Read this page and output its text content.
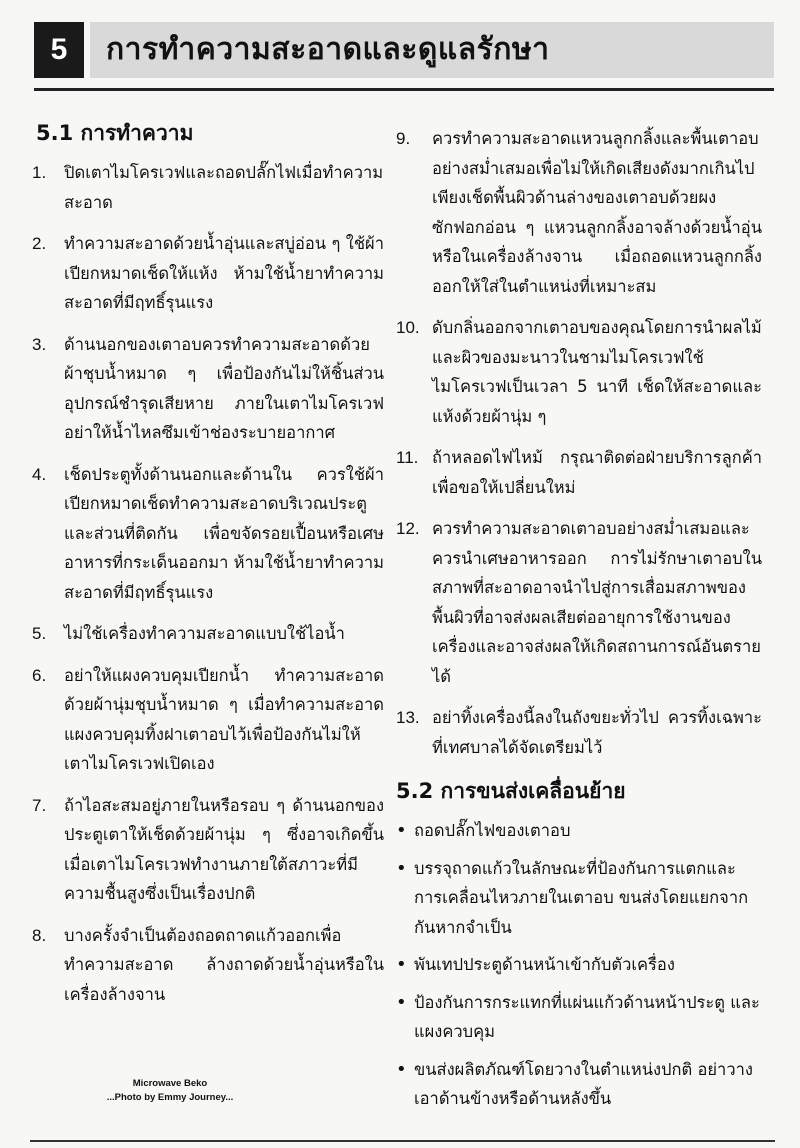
5	การทำความสะอาดและดูแลรักษา
5.1 การทำความ
1. ปิดเตาไมโครเวฟและถอดปลั๊กไฟเมื่อทำความสะอาด
2. ทำความสะอาดด้วยน้ำอุ่นและสบู่อ่อน ๆ ใช้ผ้าเปียกหมาดเช็ดให้แห้ง ห้ามใช้น้ำยาทำความสะอาดที่มีฤทธิ์รุนแรง
3. ด้านนอกของเตาอบควรทำความสะอาดด้วยผ้าชุบน้ำหมาด ๆ เพื่อป้องกันไม่ให้ชิ้นส่วนอุปกรณ์ชำรุดเสียหาย ภายในเตาไมโครเวฟอย่าให้น้ำไหลซึมเข้าช่องระบายอากาศ
4. เช็ดประตูทั้งด้านนอกและด้านใน ควรใช้ผ้าเปียกหมาดเช็ดทำความสะอาดบริเวณประตูและส่วนที่ติดกัน เพื่อขจัดรอยเปื้อนหรือเศษอาหารที่กระเด็นออกมา ห้ามใช้น้ำยาทำความสะอาดที่มีฤทธิ์รุนแรง
5. ไม่ใช้เครื่องทำความสะอาดแบบใช้ไอน้ำ
6. อย่าให้แผงควบคุมเปียกน้ำ ทำความสะอาดด้วยผ้านุ่มชุบน้ำหมาด ๆ เมื่อทำความสะอาดแผงควบคุมทิ้งฝาเตาอบไว้เพื่อป้องกันไม่ให้เตาไมโครเวฟเปิดเอง
7. ถ้าไอสะสมอยู่ภายในหรือรอบ ๆ ด้านนอกของประตูเตาให้เช็ดด้วยผ้านุ่ม ๆ ซึ่งอาจเกิดขึ้นเมื่อเตาไมโครเวฟทำงานภายใต้สภาวะที่มีความชื้นสูงซึ่งเป็นเรื่องปกติ
8. บางครั้งจำเป็นต้องถอดถาดแก้วออกเพื่อทำความสะอาด ล้างถาดด้วยน้ำอุ่นหรือในเครื่องล้างจาน
9. ควรทำความสะอาดแหวนลูกกลิ้งและพื้นเตาอบอย่างสม่ำเสมอเพื่อไม่ให้เกิดเสียงดังมากเกินไป เพียงเช็ดพื้นผิวด้านล่างของเตาอบด้วยผงซักฟอกอ่อน ๆ แหวนลูกกลิ้งอาจล้างด้วยน้ำอุ่นหรือในเครื่องล้างจาน เมื่อถอดแหวนลูกกลิ้งออกให้ใส่ในตำแหน่งที่เหมาะสม
10. ดับกลิ่นออกจากเตาอบของคุณโดยการนำผลไม้ และผิวของมะนาวในชามไมโครเวฟใช้ไมโครเวฟเป็นเวลา 5 นาที เช็ดให้สะอาดและแห้งด้วยผ้านุ่ม ๆ
11. ถ้าหลอดไฟไหม้ กรุณาติดต่อฝ่ายบริการลูกค้าเพื่อขอให้เปลี่ยนใหม่
12. ควรทำความสะอาดเตาอบอย่างสม่ำเสมอและควรนำเศษอาหารออก การไม่รักษาเตาอบในสภาพที่สะอาดอาจนำไปสู่การเสื่อมสภาพของพื้นผิวที่อาจส่งผลเสียต่ออายุการใช้งานของเครื่องและอาจส่งผลให้เกิดสถานการณ์อันตรายได้
13. อย่าทิ้งเครื่องนี้ลงในถังขยะทั่วไป ควรทิ้งเฉพาะที่เทศบาลได้จัดเตรียมไว้
5.2 การขนส่งเคลื่อนย้าย
• ถอดปลั๊กไฟของเตาอบ
• บรรจุถาดแก้วในลักษณะที่ป้องกันการแตกและการเคลื่อนไหวภายในเตาอบ ขนส่งโดยแยกจากกันหากจำเป็น
• พันเทปประตูด้านหน้าเข้ากับตัวเครื่อง
• ป้องกันการกระแทกที่แผ่นแก้วด้านหน้าประตู และแผงควบคุม
• ขนส่งผลิตภัณฑ์โดยวางในตำแหน่งปกติ อย่าวางเอาด้านข้างหรือด้านหลังขึ้น
Microwave Beko
...Photo by Emmy Journey...
